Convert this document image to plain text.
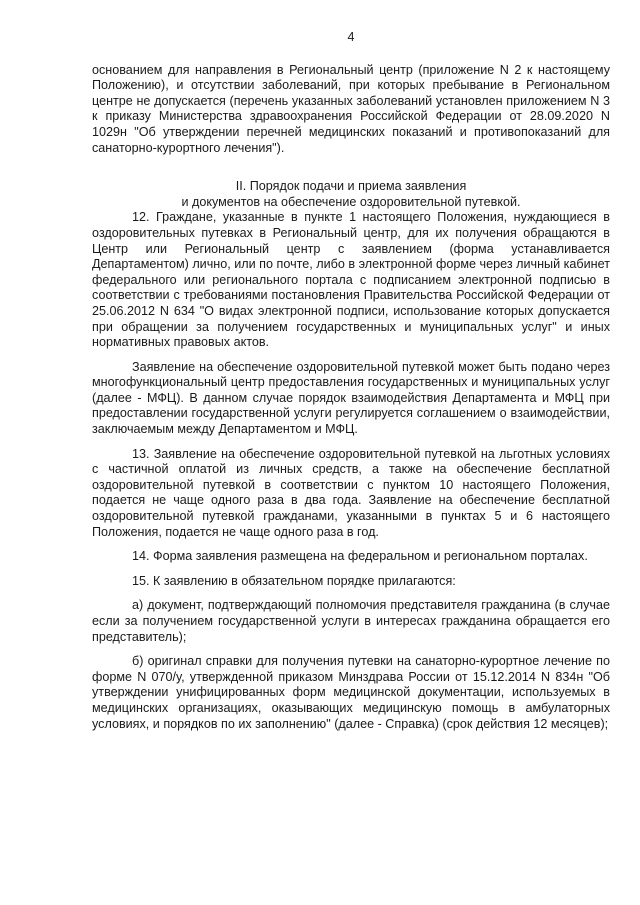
4

основанием для направления в Региональный центр (приложение N 2 к настоящему Положению), и отсутствии заболеваний, при которых пребывание в Региональном центре не допускается (перечень указанных заболеваний установлен приложением N 3 к приказу Министерства здравоохранения Российской Федерации от 28.09.2020 N 1029н "Об утверждении перечней медицинских показаний и противопоказаний для санаторно-курортного лечения").

II. Порядок подачи и приема заявления

и документов на обеспечение оздоровительной путевкой.

12. Граждане, указанные в пункте 1 настоящего Положения, нуждающиеся в оздоровительных путевках в Региональный центр, для их получения обращаются в Центр или Региональный центр с заявлением (форма устанавливается Департаментом) лично, или по почте, либо в электронной форме через личный кабинет федерального или регионального портала с подписанием электронной подписью в соответствии с требованиями постановления Правительства Российской Федерации от 25.06.2012 N 634 "О видах электронной подписи, использование которых допускается при обращении за получением государственных и муниципальных услуг" и иных нормативных правовых актов.

Заявление на обеспечение оздоровительной путевкой может быть подано через многофункциональный центр предоставления государственных и муниципальных услуг (далее - МФЦ). В данном случае порядок взаимодействия Департамента и МФЦ при предоставлении государственной услуги регулируется соглашением о взаимодействии, заключаемым между Департаментом и МФЦ.

13. Заявление на обеспечение оздоровительной путевкой на льготных условиях с частичной оплатой из личных средств, а также на обеспечение бесплатной оздоровительной путевкой в соответствии с пунктом 10 настоящего Положения, подается не чаще одного раза в два года. Заявление на обеспечение бесплатной оздоровительной путевкой гражданами, указанными в пунктах 5 и 6 настоящего Положения, подается не чаще одного раза в год.

14. Форма заявления размещена на федеральном и региональном порталах.

15. К заявлению в обязательном порядке прилагаются:

а) документ, подтверждающий полномочия представителя гражданина (в случае если за получением государственной услуги в интересах гражданина обращается его представитель);

б) оригинал справки для получения путевки на санаторно-курортное лечение по форме N 070/у, утвержденной приказом Минздрава России от 15.12.2014 N 834н "Об утверждении унифицированных форм медицинской документации, используемых в медицинских организациях, оказывающих медицинскую помощь в амбулаторных условиях, и порядков по их заполнению" (далее - Справка) (срок действия 12 месяцев);
